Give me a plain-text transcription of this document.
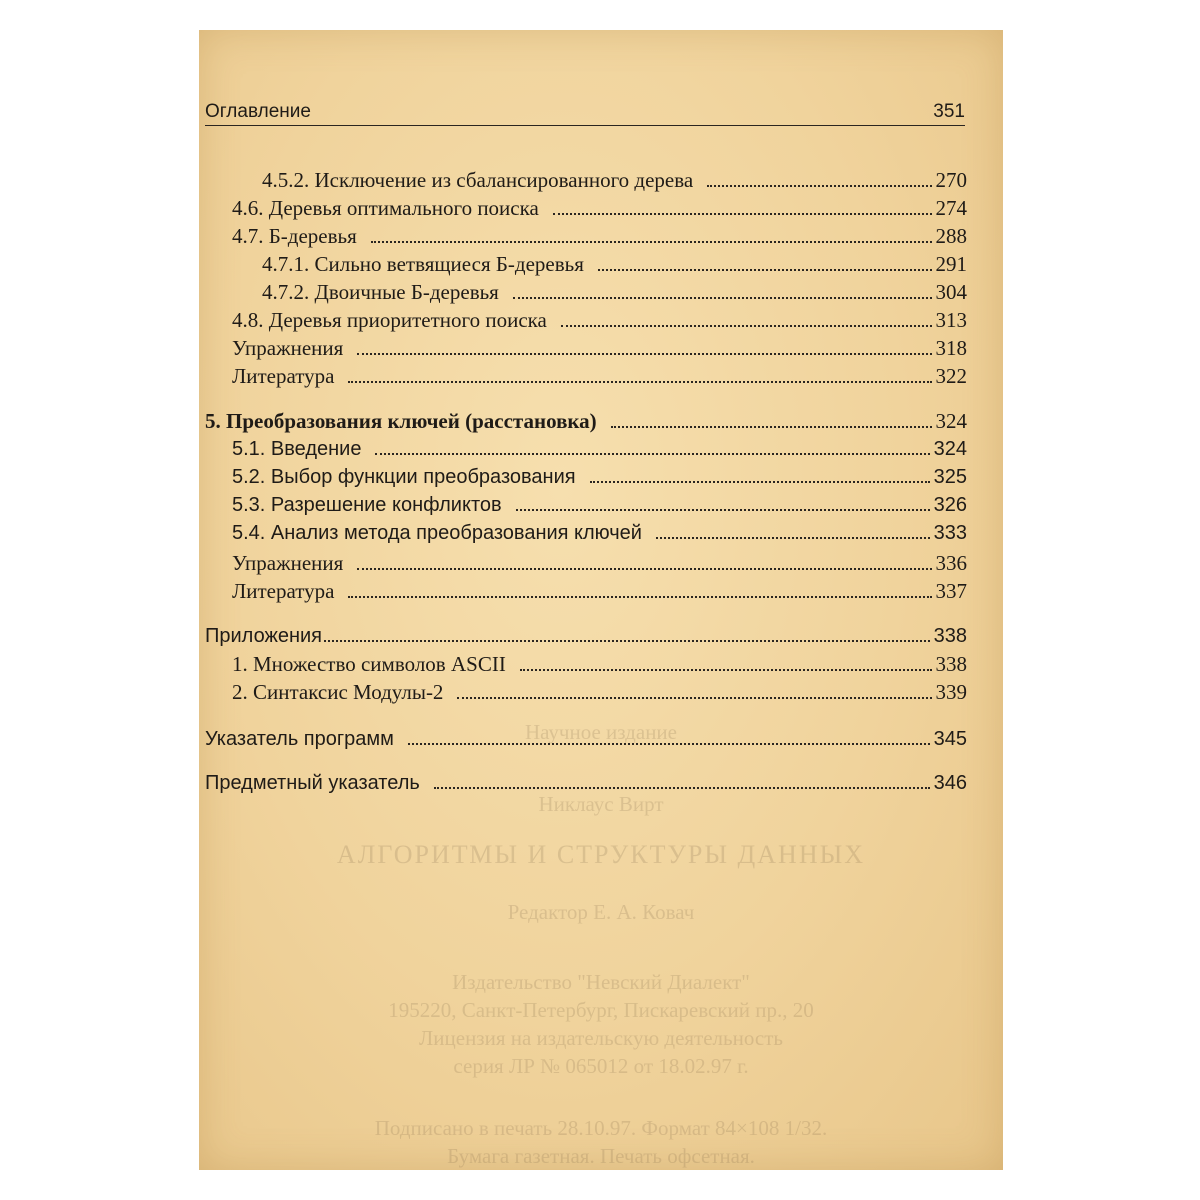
Научное издание
Никлаус Вирт
АЛГОРИТМЫ И СТРУКТУРЫ ДАННЫХ
Редактор Е. А. Ковач
Издательство "Невский Диалект"
195220, Санкт-Петербург, Пискаревский пр., 20
Лицензия на издательскую деятельность
серия ЛР № 065012 от 18.02.97 г.
Подписано в печать 28.10.97. Формат 84×108 1/32.
Бумага газетная. Печать офсетная.
Оглавление	351
4.5.2. Исключение из сбалансированного дерева	270
4.6. Деревья оптимального поиска	274
4.7. Б-деревья	288
4.7.1. Сильно ветвящиеся Б-деревья	291
4.7.2. Двоичные Б-деревья	304
4.8. Деревья приоритетного поиска	313
Упражнения	318
Литература	322
5. Преобразования ключей (расстановка)	324
5.1. Введение	324
5.2. Выбор функции преобразования	325
5.3. Разрешение конфликтов	326
5.4. Анализ метода преобразования ключей	333
Упражнения	336
Литература	337
Приложения	338
1. Множество символов ASCII	338
2. Синтаксис Модулы-2	339
Указатель программ	345
Предметный указатель	346
